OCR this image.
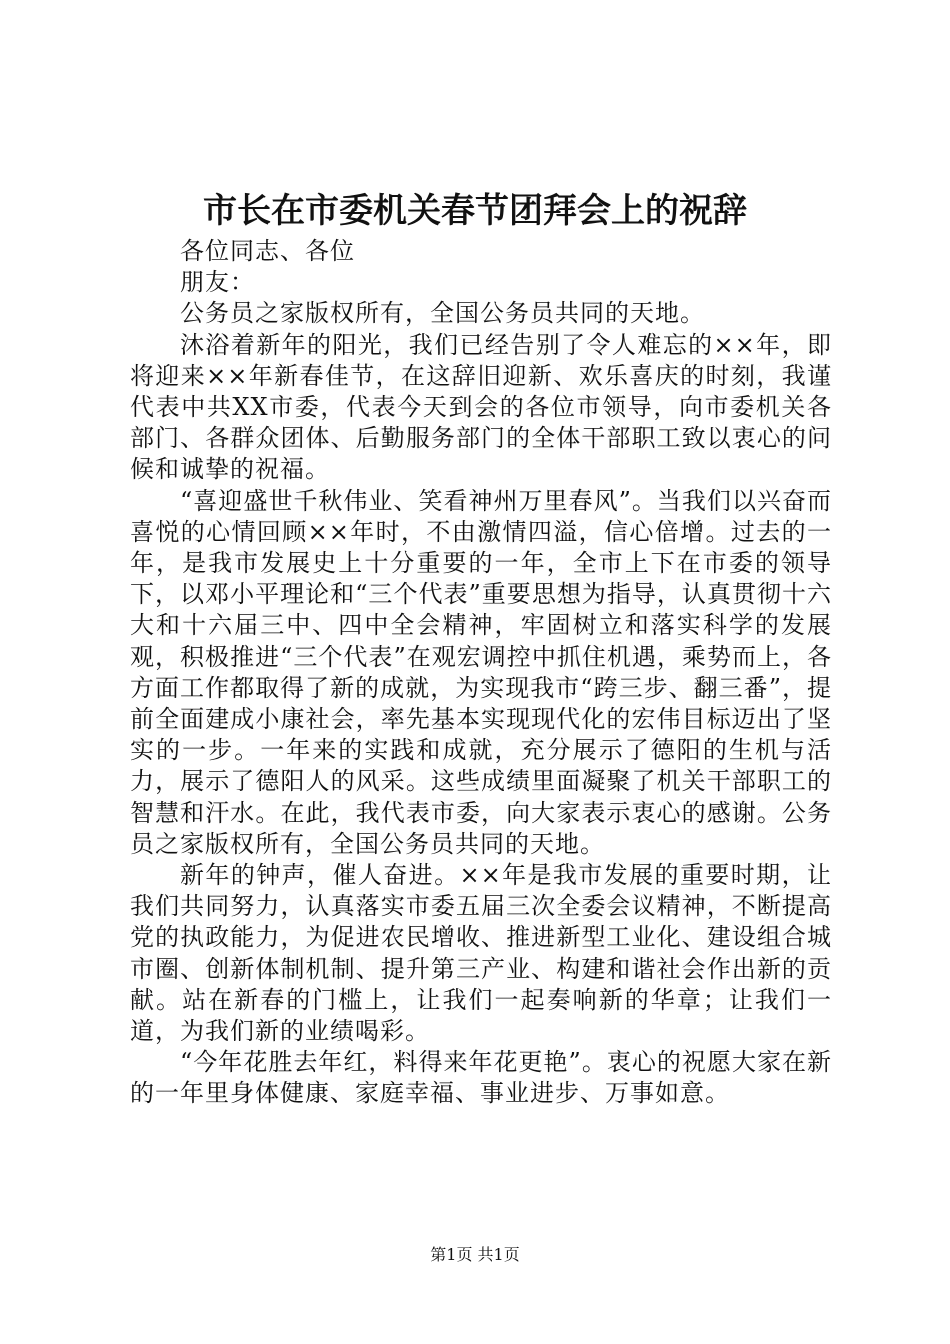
市长在市委机关春节团拜会上的祝辞

各位同志、各位

朋友：

公务员之家版权所有，全国公务员共同的天地。

沐浴着新年的阳光，我们已经告别了令人难忘的××年，即将迎来××年新春佳节，在这辞旧迎新、欢乐喜庆的时刻，我谨代表中共XX市委，代表今天到会的各位市领导，向市委机关各部门、各群众团体、后勤服务部门的全体干部职工致以衷心的问候和诚挚的祝福。

“喜迎盛世千秋伟业、笑看神州万里春风”。当我们以兴奋而喜悦的心情回顾××年时，不由激情四溢，信心倍增。过去的一年，是我市发展史上十分重要的一年，全市上下在市委的领导下，以邓小平理论和“三个代表”重要思想为指导，认真贯彻十六大和十六届三中、四中全会精神，牢固树立和落实科学的发展观，积极推进“三个代表”在观宏调控中抓住机遇，乘势而上，各方面工作都取得了新的成就，为实现我市“跨三步、翻三番”，提前全面建成小康社会，率先基本实现现代化的宏伟目标迈出了坚实的一步。一年来的实践和成就，充分展示了德阳的生机与活力，展示了德阳人的风采。这些成绩里面凝聚了机关干部职工的智慧和汗水。在此，我代表市委，向大家表示衷心的感谢。公务员之家版权所有，全国公务员共同的天地。

新年的钟声，催人奋进。××年是我市发展的重要时期，让我们共同努力，认真落实市委五届三次全委会议精神，不断提高党的执政能力，为促进农民增收、推进新型工业化、建设组合城市圈、创新体制机制、提升第三产业、构建和谐社会作出新的贡献。站在新春的门槛上，让我们一起奏响新的华章；让我们一道，为我们新的业绩喝彩。

“今年花胜去年红，料得来年花更艳”。衷心的祝愿大家在新的一年里身体健康、家庭幸福、事业进步、万事如意。

第1页 共1页
